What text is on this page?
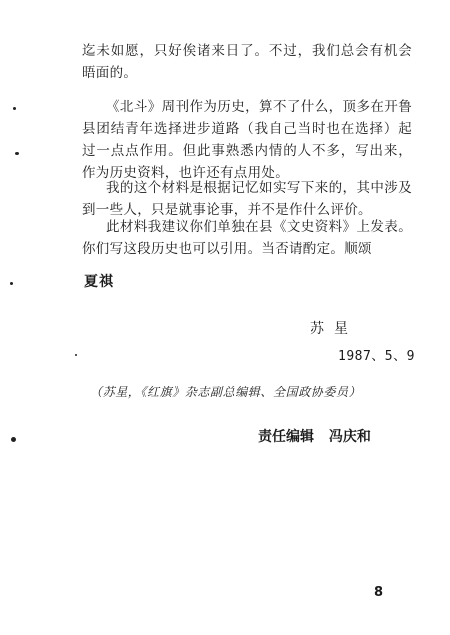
迄未如愿，只好俟诸来日了。不过，我们总会有机会晤面的。

《北斗》周刊作为历史，算不了什么，顶多在开鲁县团结青年选择进步道路（我自己当时也在选择）起过一点点作用。但此事熟悉内情的人不多，写出来，作为历史资料，也许还有点用处。

我的这个材料是根据记忆如实写下来的，其中涉及到一些人，只是就事论事，并不是作什么评价。

此材料我建议你们单独在县《文史资料》上发表。你们写这段历史也可以引用。当否请酌定。顺颂

夏祺
苏星
1987、5、9
（苏星，《红旗》杂志副总编辑、全国政协委员）
责任编辑 冯庆和
8
